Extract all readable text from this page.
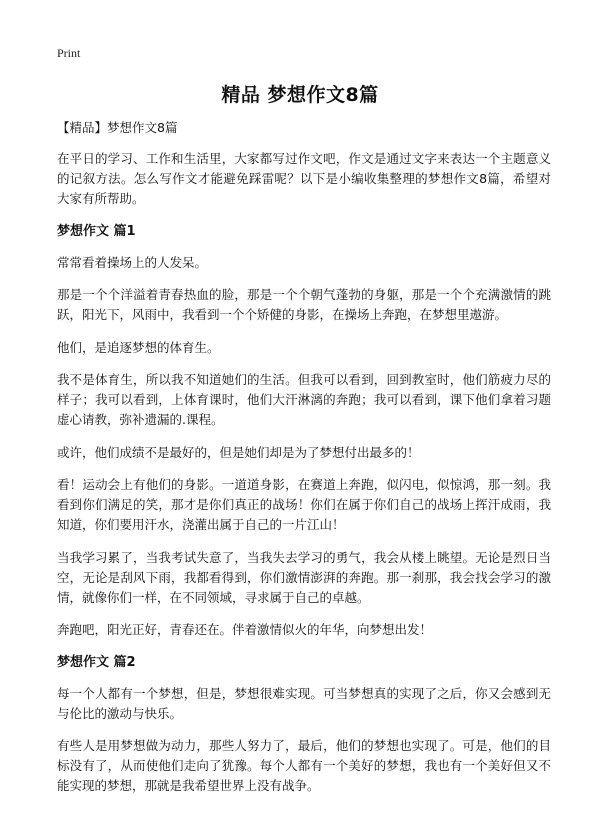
Print
精品 梦想作文8篇

【精品】梦想作文8篇

在平日的学习、工作和生活里，大家都写过作文吧，作文是通过文字来表达一个主题意义的记叙方法。怎么写作文才能避免踩雷呢？以下是小编收集整理的梦想作文8篇，希望对大家有所帮助。

梦想作文 篇1

常常看着操场上的人发呆。

那是一个个洋溢着青春热血的脸，那是一个个朝气蓬勃的身躯，那是一个个充满激情的跳跃，阳光下，风雨中，我看到一个个矫健的身影，在操场上奔跑，在梦想里遨游。

他们，是追逐梦想的体育生。

我不是体育生，所以我不知道她们的生活。但我可以看到，回到教室时，他们筋疲力尽的样子；我可以看到，上体育课时，他们大汗淋漓的奔跑；我可以看到，课下他们拿着习题虚心请教，弥补遗漏的.课程。

或许，他们成绩不是最好的，但是她们却是为了梦想付出最多的！

看！运动会上有他们的身影。一道道身影，在赛道上奔跑，似闪电，似惊鸿，那一刻。我看到你们满足的笑，那才是你们真正的战场！你们在属于你们自己的战场上挥汗成雨，我知道，你们要用汗水，浇灌出属于自己的一片江山！

当我学习累了，当我考试失意了，当我失去学习的勇气，我会从楼上眺望。无论是烈日当空，无论是刮风下雨，我都看得到，你们激情澎湃的奔跑。那一刹那，我会找会学习的激情，就像你们一样，在不同领域，寻求属于自己的卓越。

奔跑吧，阳光正好，青春还在。伴着激情似火的年华，向梦想出发！

梦想作文 篇2

每一个人都有一个梦想，但是，梦想很难实现。可当梦想真的实现了之后，你又会感到无与伦比的激动与快乐。

有些人是用梦想做为动力，那些人努力了，最后，他们的梦想也实现了。可是，他们的目标没有了，从而使他们走向了犹豫。每个人都有一个美好的梦想，我也有一个美好但又不能实现的梦想，那就是我希望世界上没有战争。
